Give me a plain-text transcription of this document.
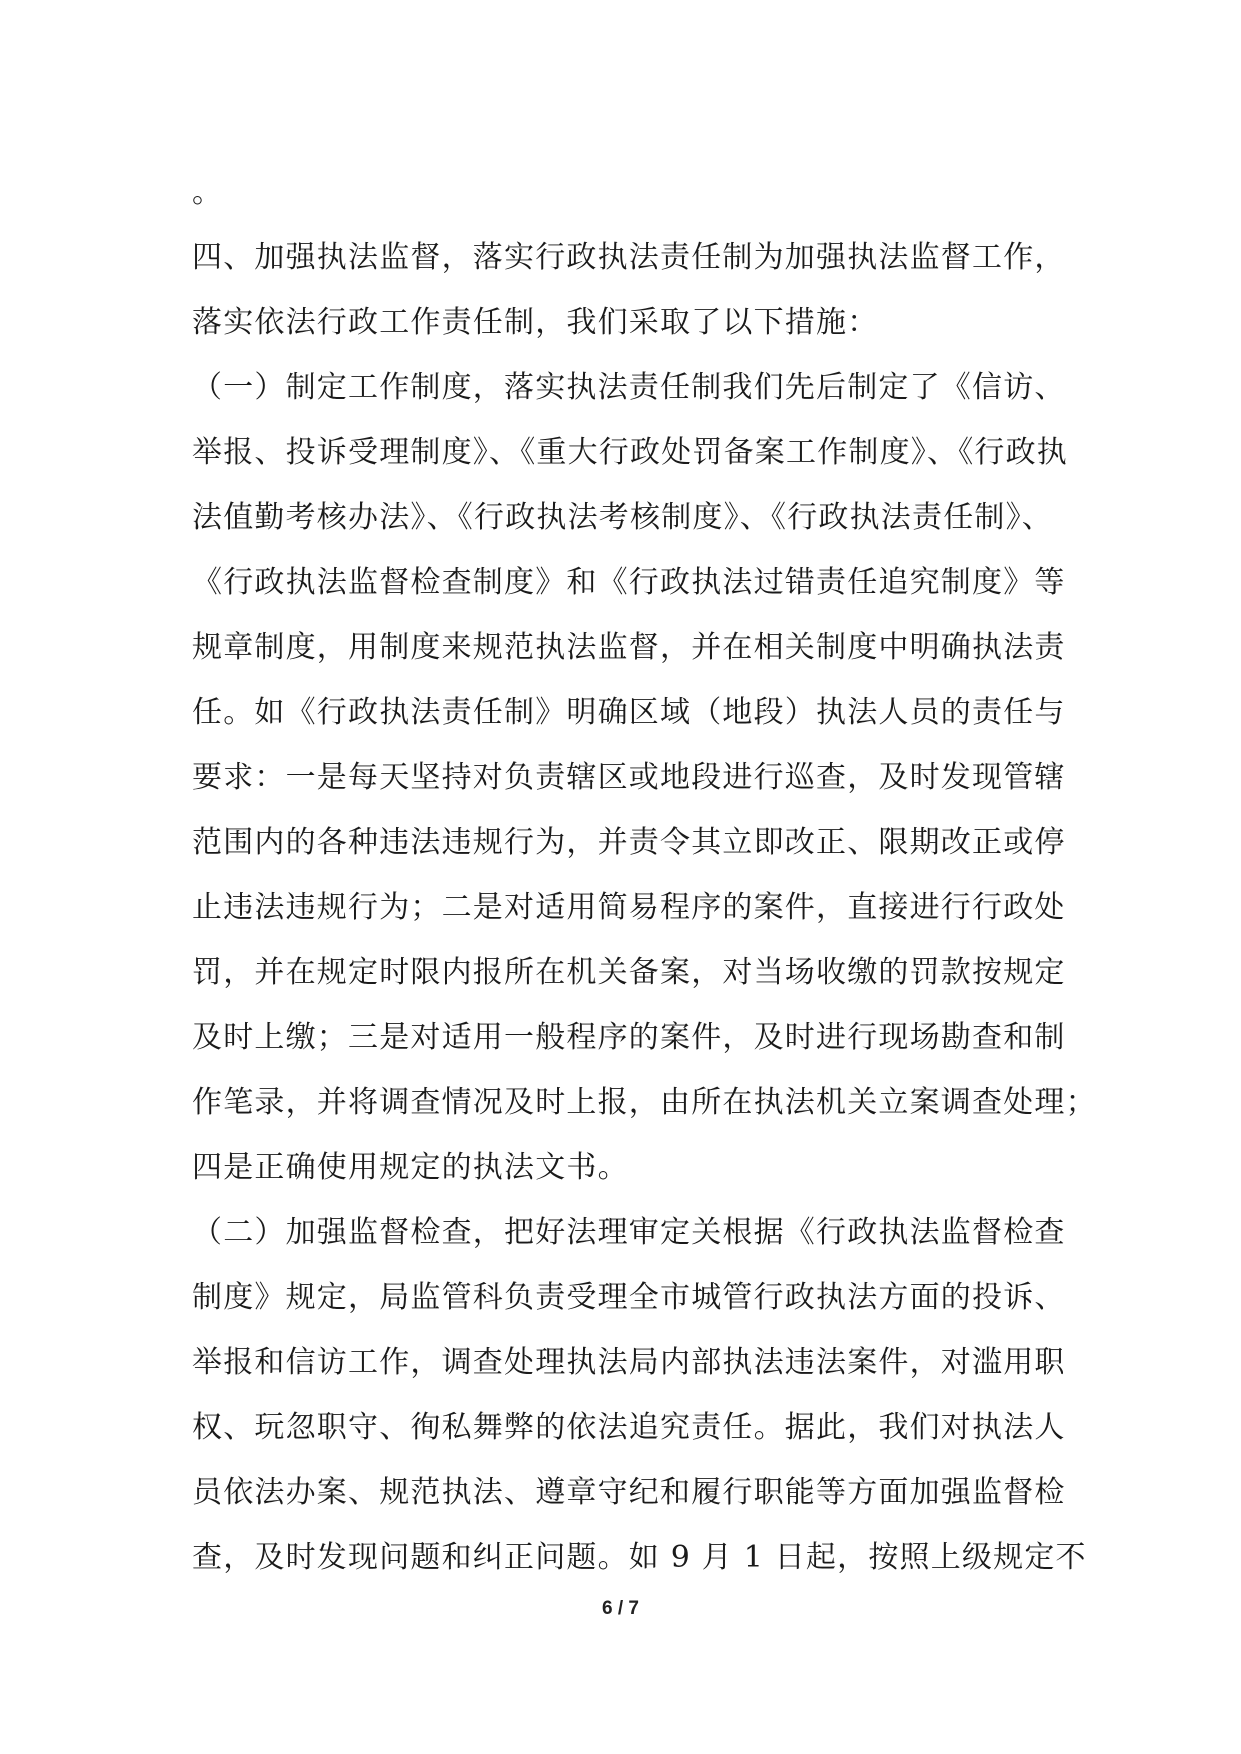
。
四、加强执法监督，落实行政执法责任制为加强执法监督工作，
落实依法行政工作责任制，我们采取了以下措施：
（一）制定工作制度，落实执法责任制我们先后制定了《信访、
举报、投诉受理制度》、《重大行政处罚备案工作制度》、《行政执
法值勤考核办法》、《行政执法考核制度》、《行政执法责任制》、
《行政执法监督检查制度》和《行政执法过错责任追究制度》等
规章制度，用制度来规范执法监督，并在相关制度中明确执法责
任。如《行政执法责任制》明确区域（地段）执法人员的责任与
要求：一是每天坚持对负责辖区或地段进行巡查，及时发现管辖
范围内的各种违法违规行为，并责令其立即改正、限期改正或停
止违法违规行为；二是对适用简易程序的案件，直接进行行政处
罚，并在规定时限内报所在机关备案，对当场收缴的罚款按规定
及时上缴；三是对适用一般程序的案件，及时进行现场勘查和制
作笔录，并将调查情况及时上报，由所在执法机关立案调查处理；
四是正确使用规定的执法文书。
（二）加强监督检查，把好法理审定关根据《行政执法监督检查
制度》规定，局监管科负责受理全市城管行政执法方面的投诉、
举报和信访工作，调查处理执法局内部执法违法案件，对滥用职
权、玩忽职守、徇私舞弊的依法追究责任。据此，我们对执法人
员依法办案、规范执法、遵章守纪和履行职能等方面加强监督检
查，及时发现问题和纠正问题。如 9 月 1 日起，按照上级规定不
6 / 7
